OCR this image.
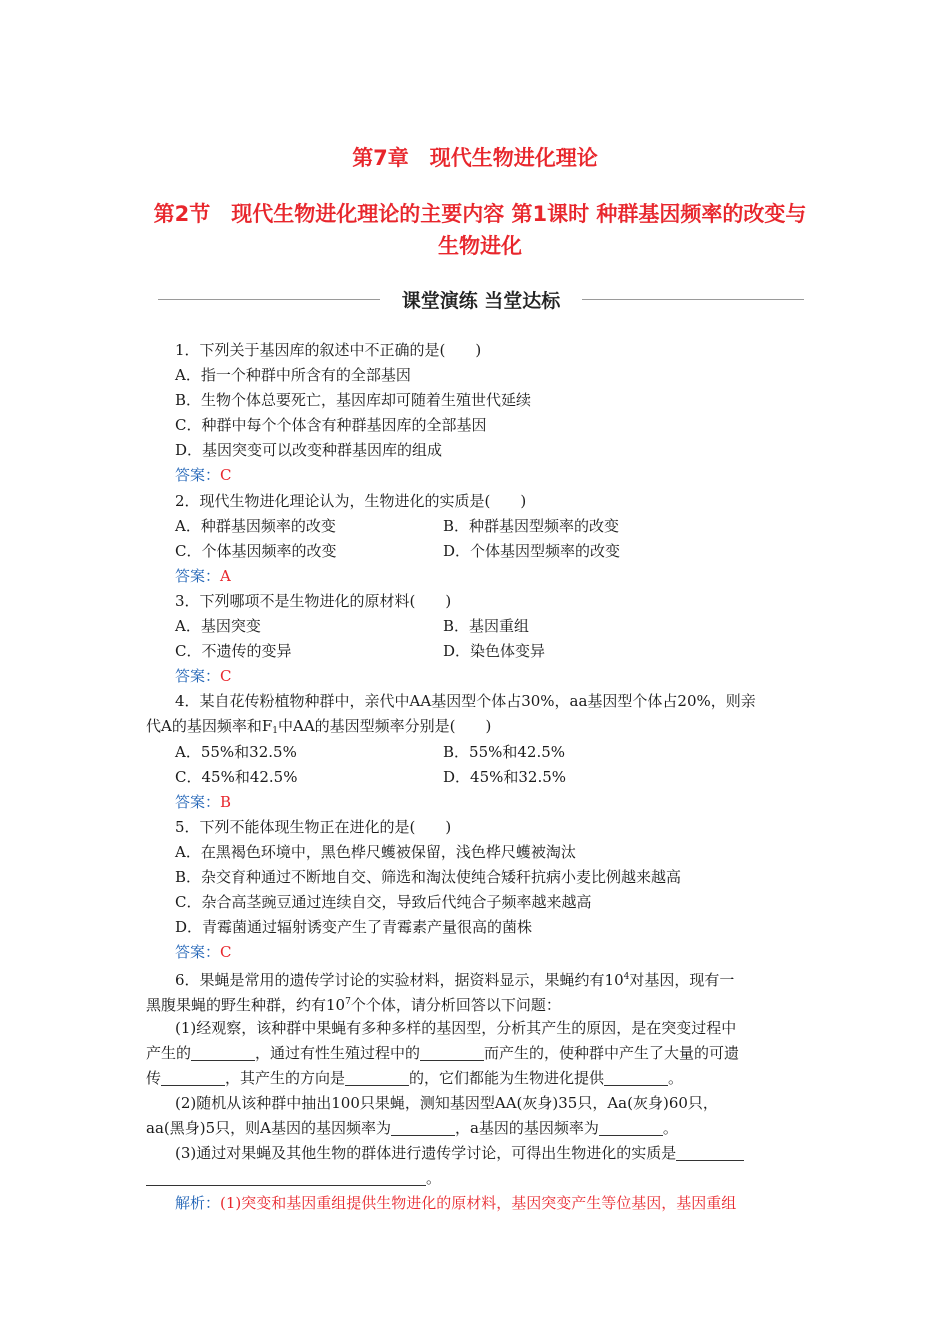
第7章　现代生物进化理论
第2节　现代生物进化理论的主要内容 第1课时 种群基因频率的改变与生物进化
课堂演练 当堂达标
1．下列关于基因库的叙述中不正确的是(　　)
A．指一个种群中所含有的全部基因
B．生物个体总要死亡，基因库却可随着生殖世代延续
C．种群中每个个体含有种群基因库的全部基因
D．基因突变可以改变种群基因库的组成
答案：C
2．现代生物进化理论认为，生物进化的实质是(　　)
A．种群基因频率的改变	B．种群基因型频率的改变
C．个体基因频率的改变	D．个体基因型频率的改变
答案：A
3．下列哪项不是生物进化的原材料(　　)
A．基因突变	B．基因重组
C．不遗传的变异	D．染色体变异
答案：C
4．某自花传粉植物种群中，亲代中AA基因型个体占30%，aa基因型个体占20%，则亲
代A的基因频率和$F_1$中AA的基因型频率分别是(　　)
A．55%和32.5%	B．55%和42.5%
C．45%和42.5%	D．45%和32.5%
答案：B
5．下列不能体现生物正在进化的是(　　)
A．在黑褐色环境中，黑色桦尺蠖被保留，浅色桦尺蠖被淘汰
B．杂交育种通过不断地自交、筛选和淘汰使纯合矮秆抗病小麦比例越来越高
C．杂合高茎豌豆通过连续自交，导致后代纯合子频率越来越高
D．青霉菌通过辐射诱变产生了青霉素产量很高的菌株
答案：C
6．果蝇是常用的遗传学讨论的实验材料，据资料显示，果蝇约有$10^4$对基因，现有一
黑腹果蝇的野生种群，约有$10^7$个个体，请分析回答以下问题：
(1)经观察，该种群中果蝇有多种多样的基因型，分析其产生的原因，是在突变过程中
产生的	，通过有性生殖过程中的	而产生的，使种群中产生了大量的可遗
传	，其产生的方向是	的，它们都能为生物进化提供	。
(2)随机从该种群中抽出100只果蝇，测知基因型AA(灰身)35只，Aa(灰身)60只，
aa(黑身)5只，则A基因的基因频率为	，a基因的基因频率为	。
(3)通过对果蝇及其他生物的群体进行遗传学讨论，可得出生物进化的实质是
。
解析：(1)突变和基因重组提供生物进化的原材料，基因突变产生等位基因，基因重组
